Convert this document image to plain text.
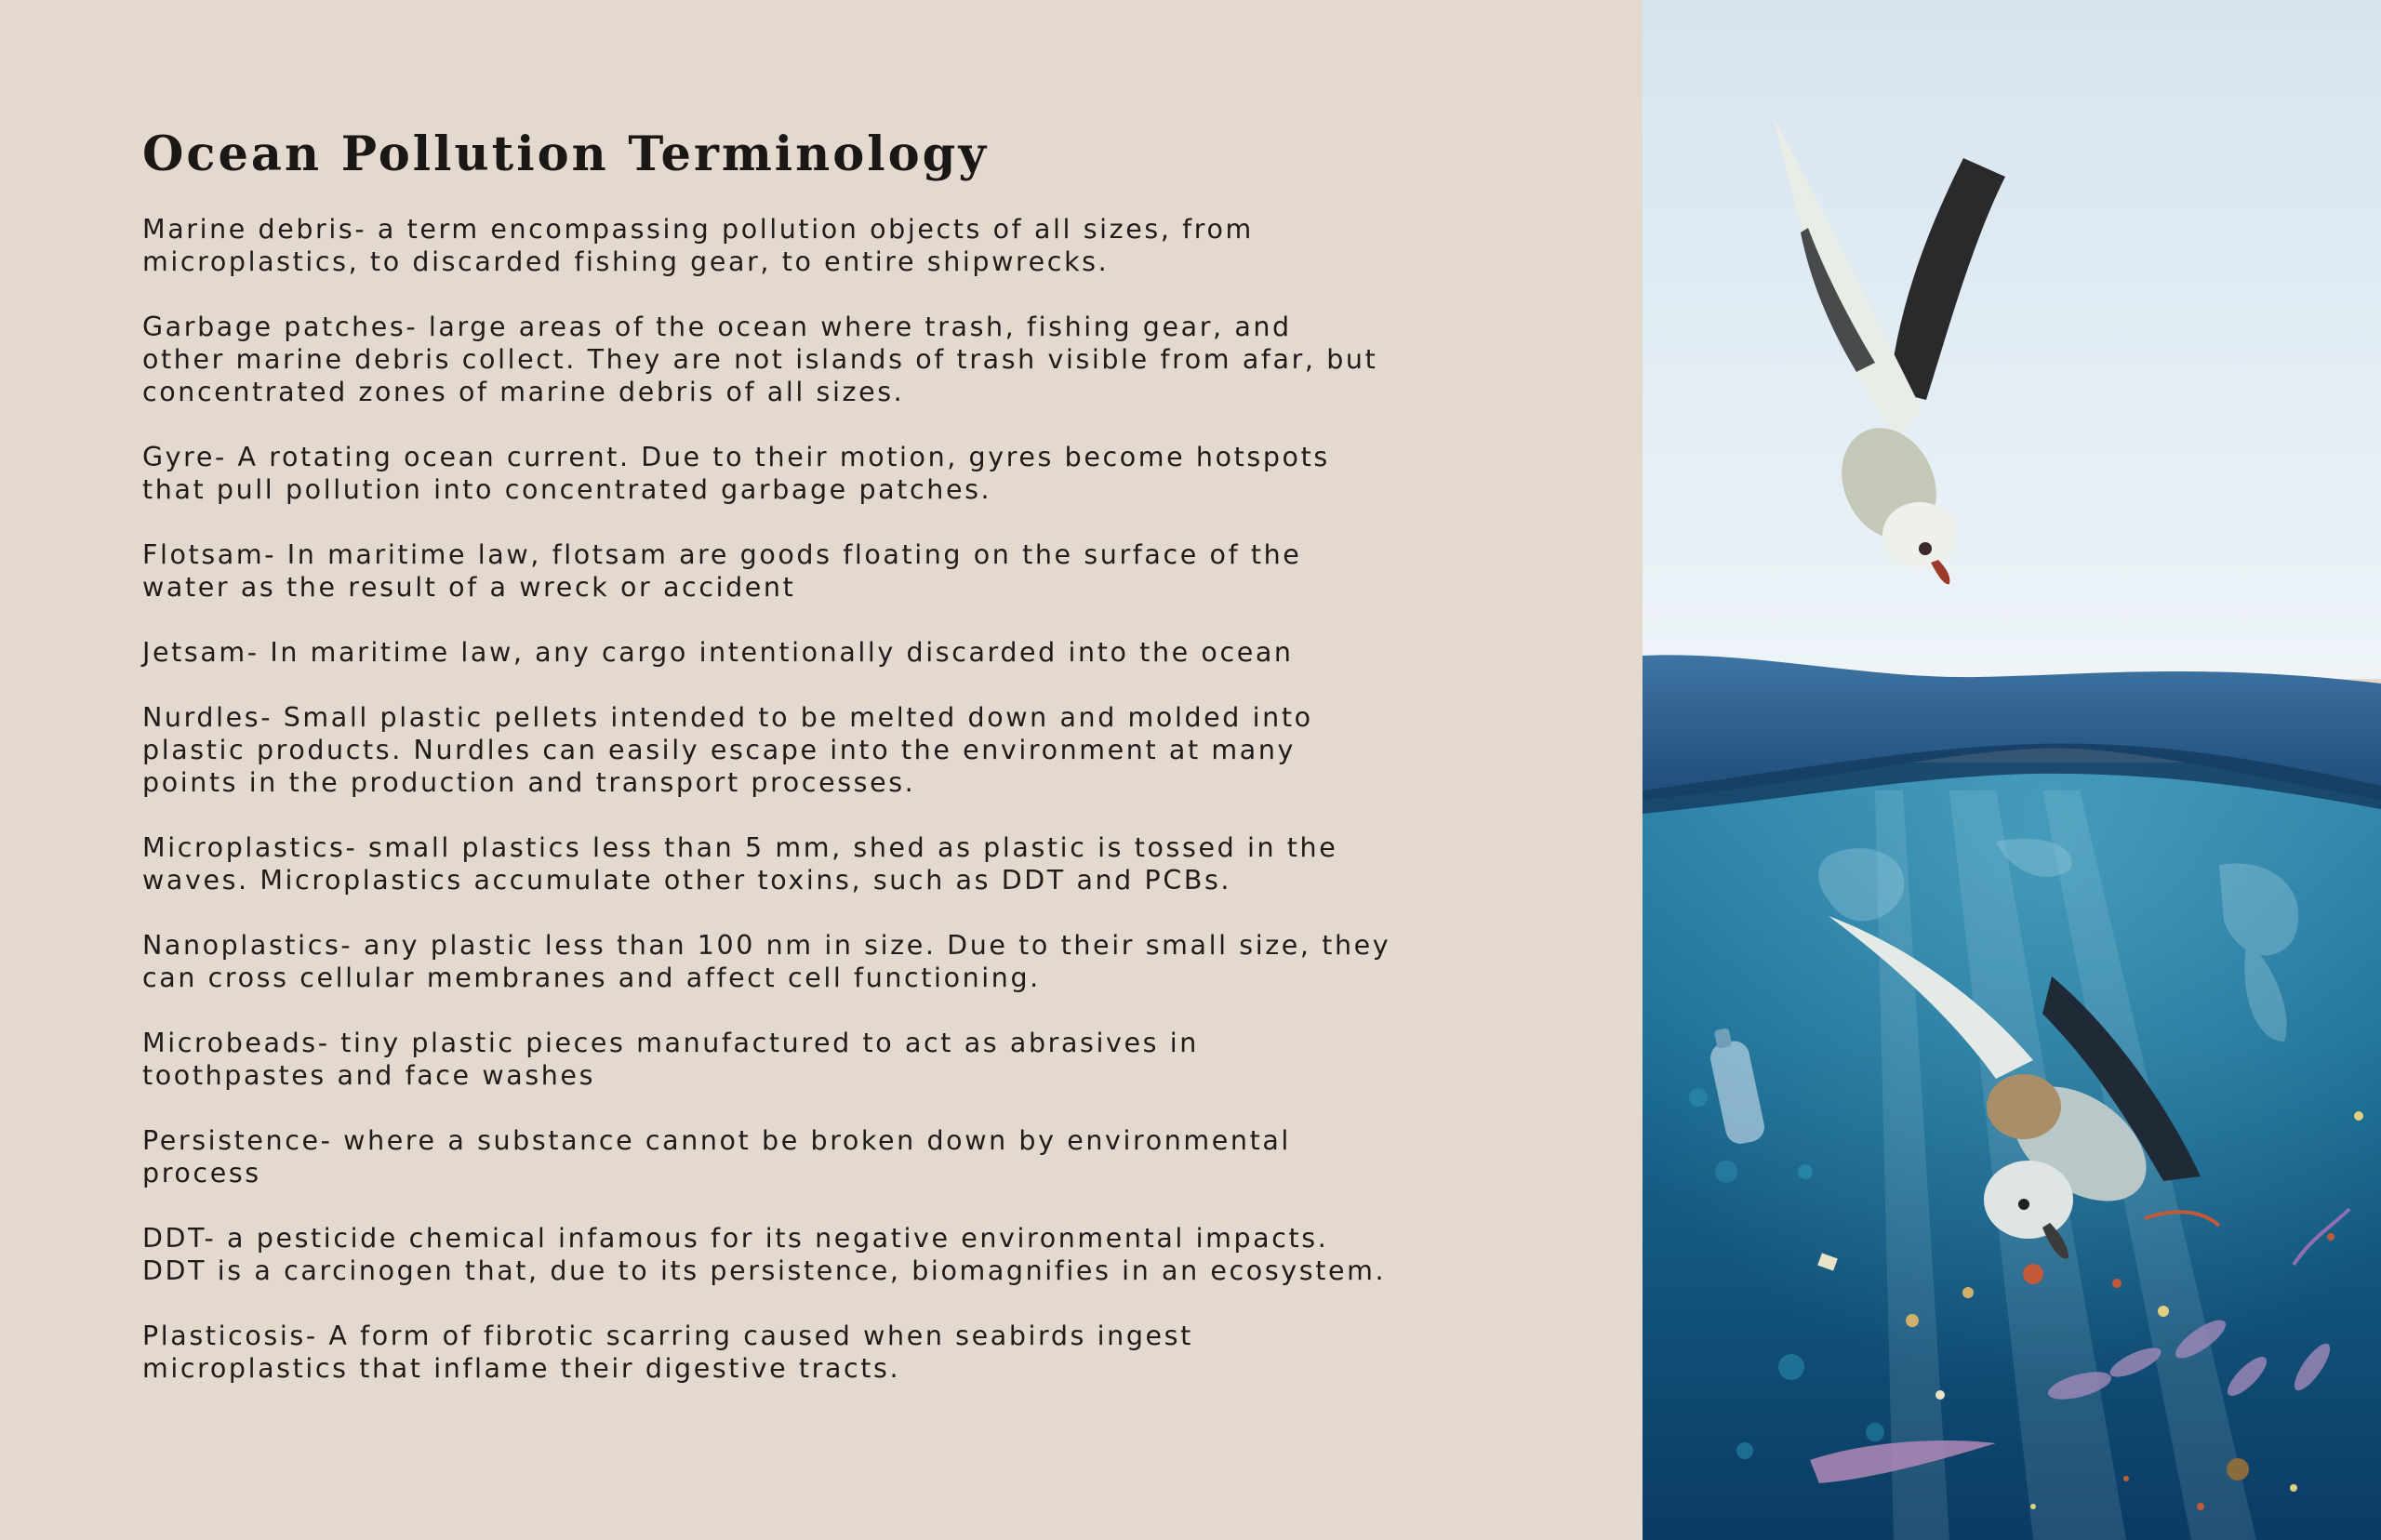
Ocean Pollution Terminology
Marine debris- a term encompassing pollution objects of all sizes, from
microplastics, to discarded fishing gear, to entire shipwrecks.
Garbage patches- large areas of the ocean where trash, fishing gear, and
other marine debris collect. They are not islands of trash visible from afar, but
concentrated zones of marine debris of all sizes.
Gyre- A rotating ocean current. Due to their motion, gyres become hotspots
that pull pollution into concentrated garbage patches.
Flotsam- In maritime law, flotsam are goods floating on the surface of the
water as the result of a wreck or accident
Jetsam- In maritime law, any cargo intentionally discarded into the ocean
Nurdles- Small plastic pellets intended to be melted down and molded into
plastic products. Nurdles can easily escape into the environment at many
points in the production and transport processes.
Microplastics- small plastics less than 5 mm, shed as plastic is tossed in the
waves. Microplastics accumulate other toxins, such as DDT and PCBs.
Nanoplastics- any plastic less than 100 nm in size. Due to their small size, they
can cross cellular membranes and affect cell functioning.
Microbeads- tiny plastic pieces manufactured to act as abrasives in
toothpastes and face washes
Persistence- where a substance cannot be broken down by environmental
process
DDT- a pesticide chemical infamous for its negative environmental impacts.
DDT is a carcinogen that, due to its persistence, biomagnifies in an ecosystem.
Plasticosis- A form of fibrotic scarring caused when seabirds ingest
microplastics that inflame their digestive tracts.
